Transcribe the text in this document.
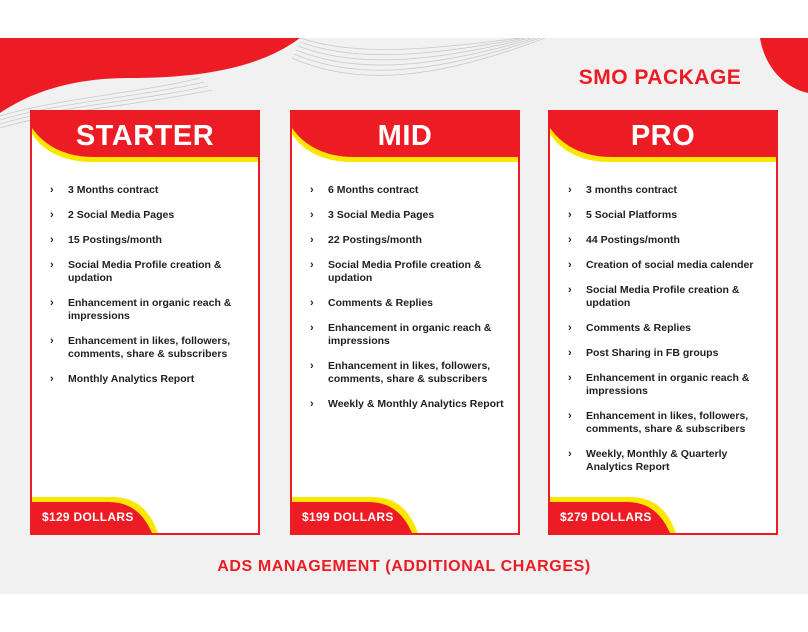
SMO PACKAGE
STARTER
› 3 Months contract
› 2 Social Media Pages
› 15 Postings/month
› Social Media Profile creation & updation
› Enhancement in organic reach & impressions
› Enhancement in likes, followers, comments, share & subscribers
› Monthly Analytics Report
$129 DOLLARS
MID
› 6 Months contract
› 3 Social Media Pages
› 22 Postings/month
› Social Media Profile creation & updation
› Comments & Replies
› Enhancement in organic reach & impressions
› Enhancement in likes, followers, comments, share & subscribers
› Weekly & Monthly Analytics Report
$199 DOLLARS
PRO
› 3 months contract
› 5 Social Platforms
› 44 Postings/month
› Creation of social media calender
› Social Media Profile creation & updation
› Comments & Replies
› Post Sharing in FB groups
› Enhancement in organic reach & impressions
› Enhancement in likes, followers, comments, share & subscribers
› Weekly, Monthly & Quarterly Analytics Report
$279 DOLLARS
ADS MANAGEMENT (ADDITIONAL CHARGES)
